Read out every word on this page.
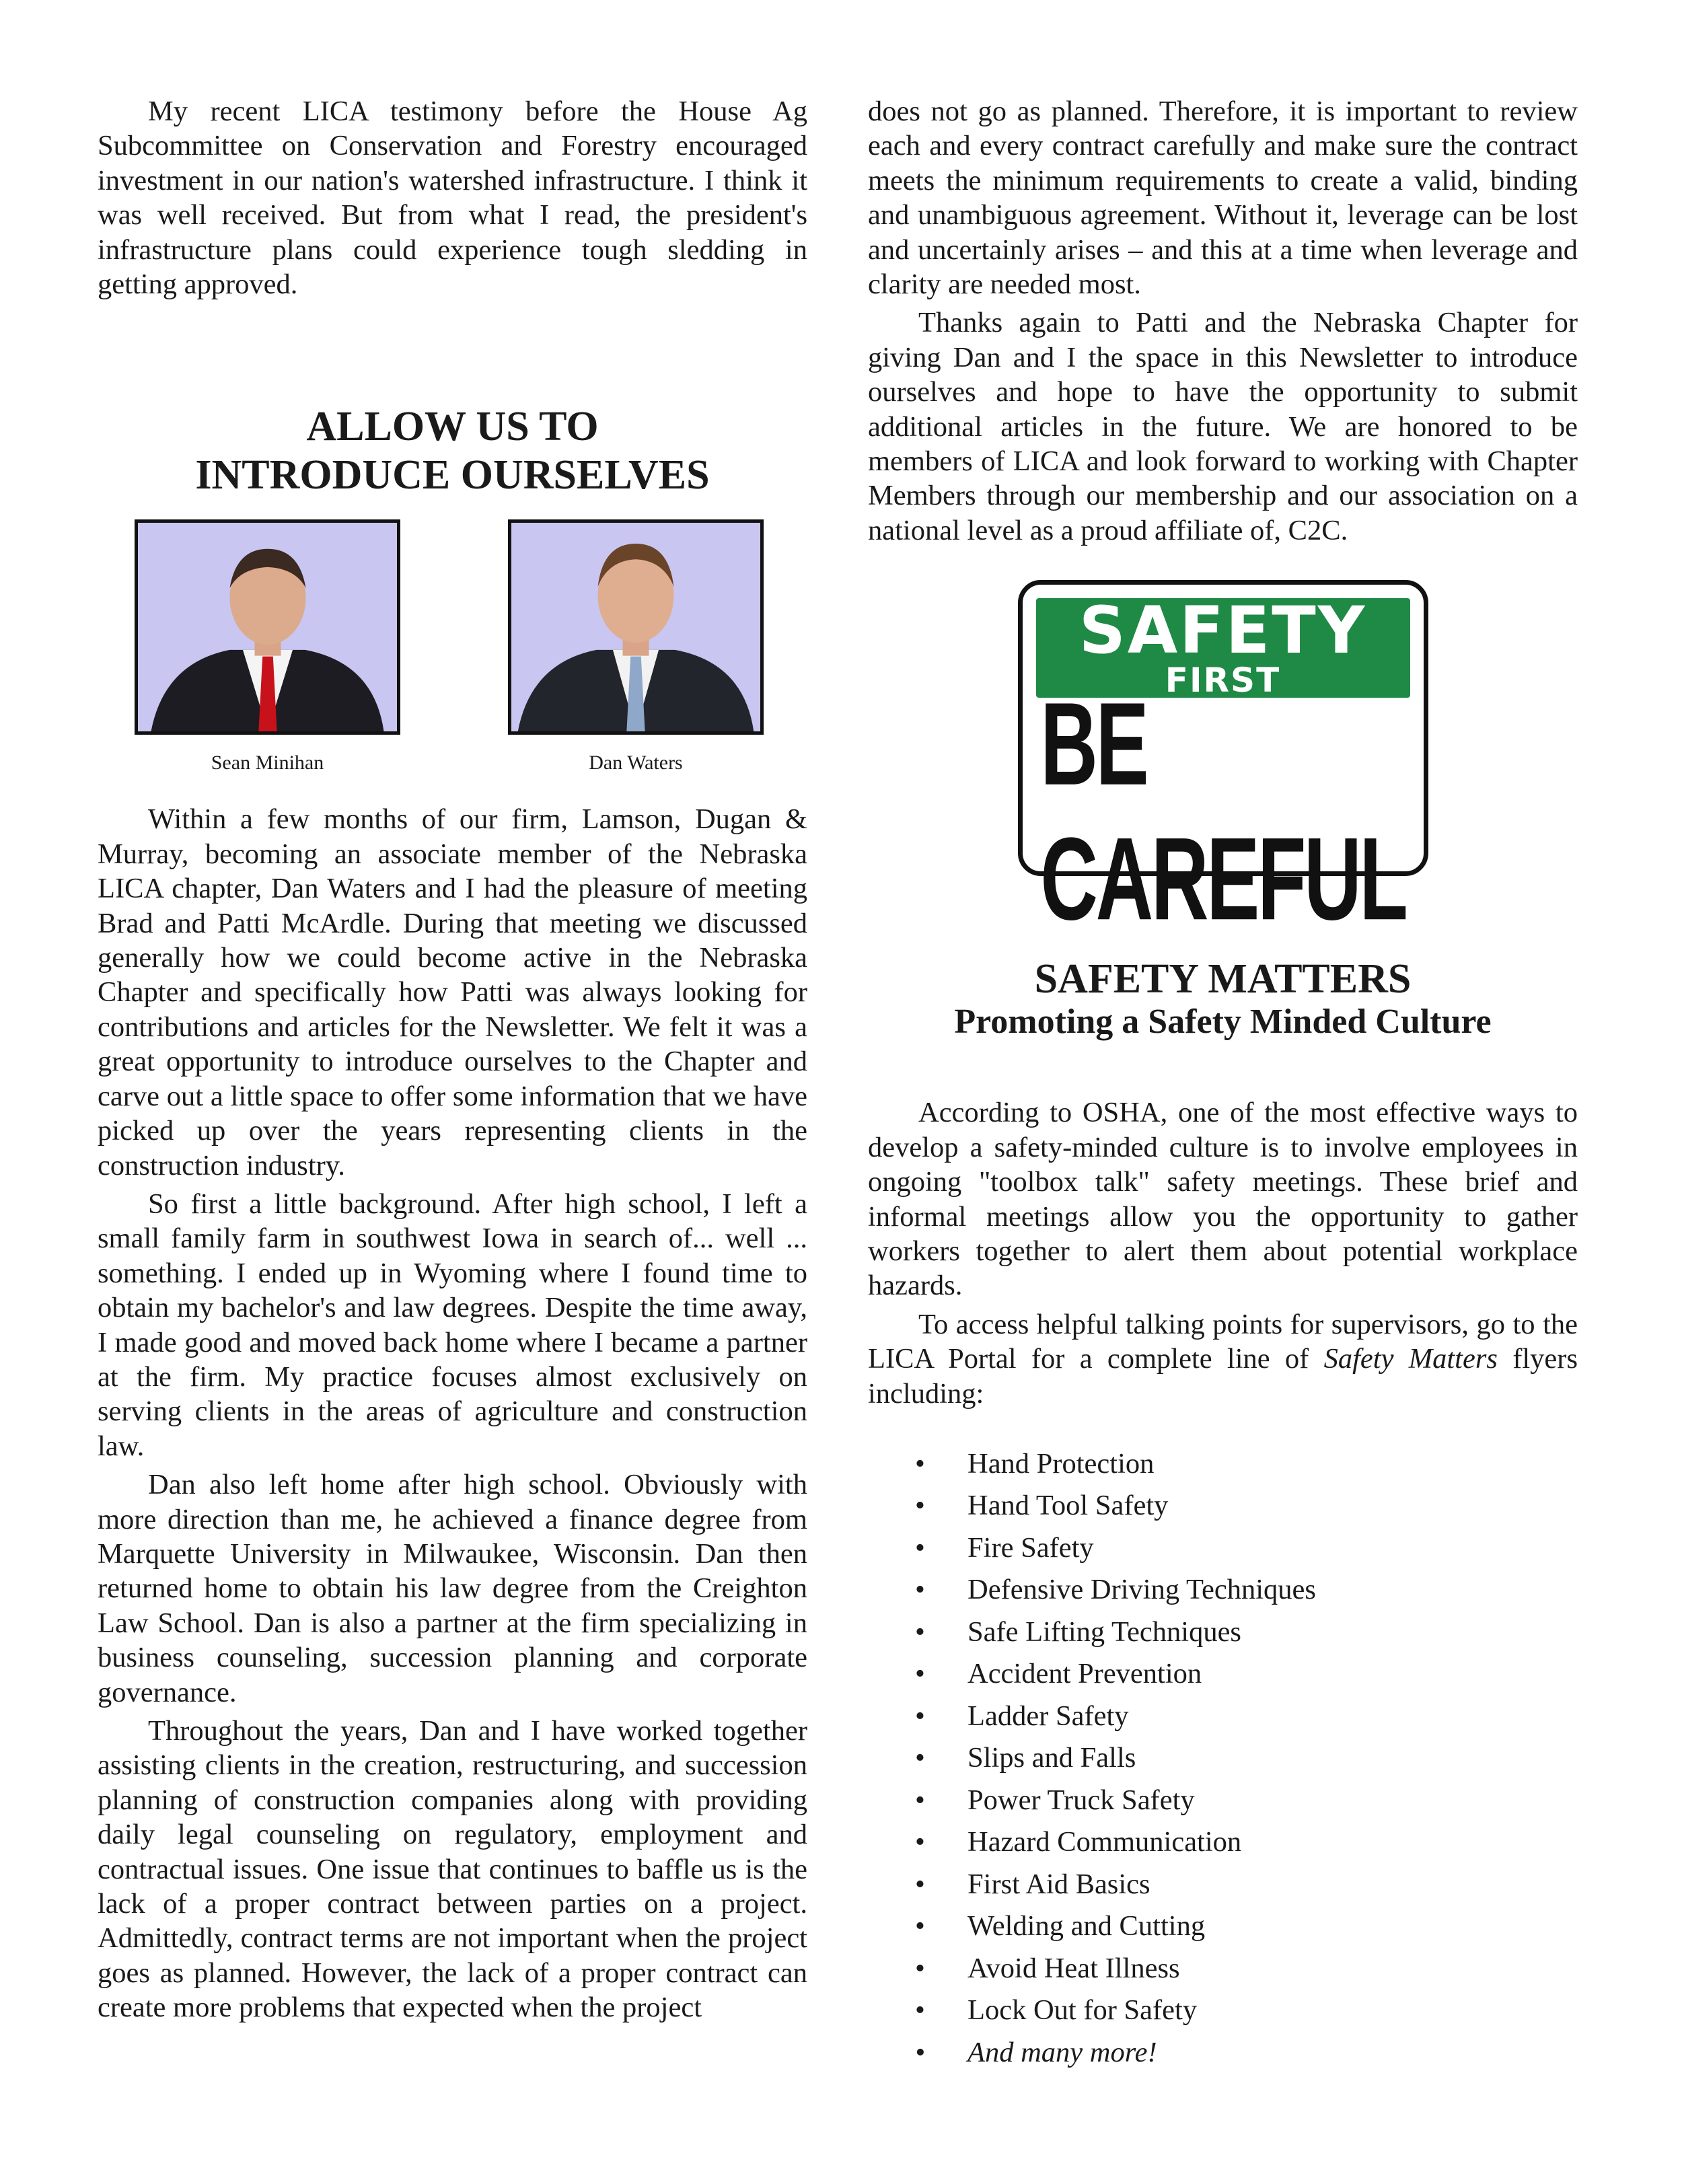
My recent LICA testimony before the House Ag Subcommittee on Conservation and Forestry encouraged investment in our nation's watershed infrastructure. I think it was well received. But from what I read, the president's infrastructure plans could experience tough sledding in getting approved.

ALLOW US TO
INTRODUCE OURSELVES
Sean Minihan	Dan Waters

Within a few months of our firm, Lamson, Dugan & Murray, becoming an associate member of the Nebraska LICA chapter, Dan Waters and I had the pleasure of meeting Brad and Patti McArdle. During that meeting we discussed generally how we could become active in the Nebraska Chapter and specifically how Patti was always looking for contributions and articles for the Newsletter. We felt it was a great opportunity to introduce ourselves to the Chapter and carve out a little space to offer some information that we have picked up over the years representing clients in the construction industry.

So first a little background. After high school, I left a small family farm in southwest Iowa in search of... well ... something. I ended up in Wyoming where I found time to obtain my bachelor's and law degrees. Despite the time away, I made good and moved back home where I became a partner at the firm. My practice focuses almost exclusively on serving clients in the areas of agriculture and construction law.

Dan also left home after high school. Obviously with more direction than me, he achieved a finance degree from Marquette University in Milwaukee, Wisconsin. Dan then returned home to obtain his law degree from the Creighton Law School. Dan is also a partner at the firm specializing in business counseling, succession planning and corporate governance.

Throughout the years, Dan and I have worked together assisting clients in the creation, restructuring, and succession planning of construction companies along with providing daily legal counseling on regulatory, employment and contractual issues. One issue that continues to baffle us is the lack of a proper contract between parties on a project. Admittedly, contract terms are not important when the project goes as planned. However, the lack of a proper contract can create more problems that expected when the project

does not go as planned. Therefore, it is important to review each and every contract carefully and make sure the contract meets the minimum requirements to create a valid, binding and unambiguous agreement. Without it, leverage can be lost and uncertainly arises – and this at a time when leverage and clarity are needed most.

Thanks again to Patti and the Nebraska Chapter for giving Dan and I the space in this Newsletter to introduce ourselves and hope to have the opportunity to submit additional articles in the future. We are honored to be members of LICA and look forward to working with Chapter Members through our membership and our association on a national level as a proud affiliate of, C2C.

SAFETY
FIRST
BE CAREFUL
SAFETY MATTERS
Promoting a Safety Minded Culture

According to OSHA, one of the most effective ways to develop a safety-minded culture is to involve employees in ongoing "toolbox talk" safety meetings. These brief and informal meetings allow you the opportunity to gather workers together to alert them about potential workplace hazards.

To access helpful talking points for supervisors, go to the LICA Portal for a complete line of Safety Matters flyers including:

• Hand Protection
• Hand Tool Safety
• Fire Safety
• Defensive Driving Techniques
• Safe Lifting Techniques
• Accident Prevention
• Ladder Safety
• Slips and Falls
• Power Truck Safety
• Hazard Communication
• First Aid Basics
• Welding and Cutting
• Avoid Heat Illness
• Lock Out for Safety
• And many more!
